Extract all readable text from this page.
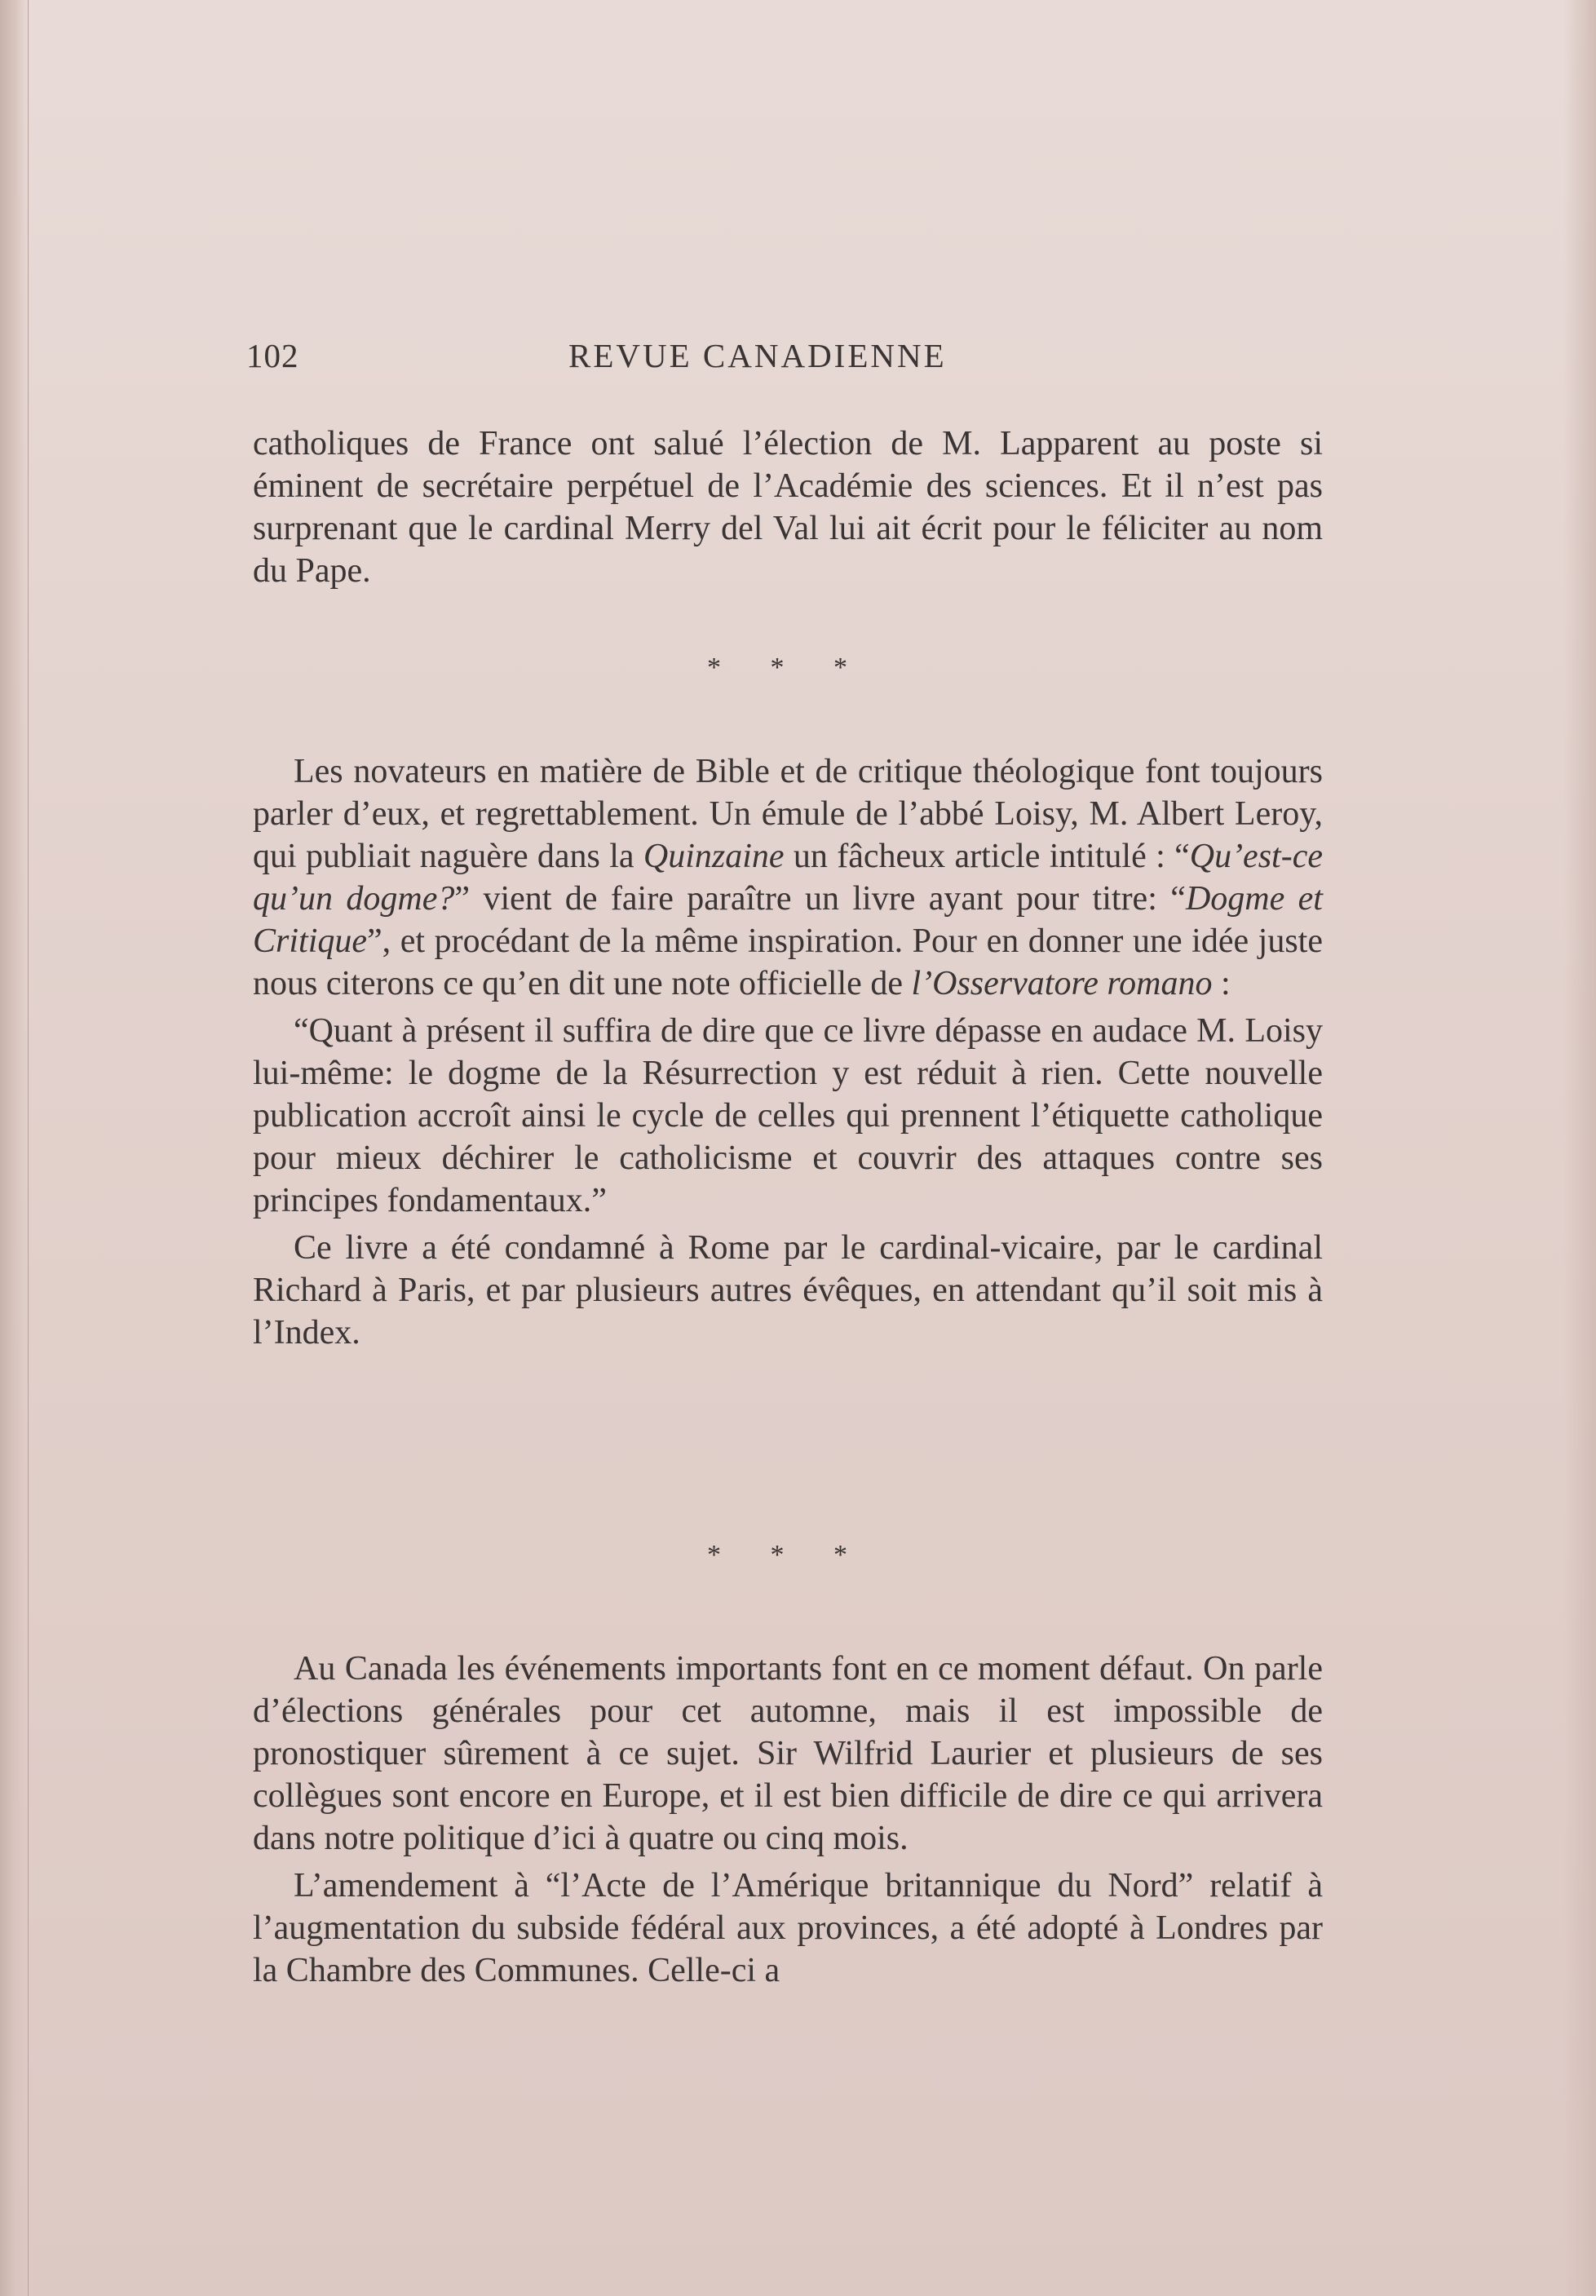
102	REVUE CANADIENNE

catholiques de France ont salué l’élection de M. Lapparent au poste si éminent de secrétaire perpétuel de l’Académie des sciences. Et il n’est pas surprenant que le cardinal Merry del Val lui ait écrit pour le féliciter au nom du Pape.

* * *

Les novateurs en matière de Bible et de critique théologique font toujours parler d’eux, et regrettablement. Un émule de l’abbé Loisy, M. Albert Leroy, qui publiait naguère dans la Quinzaine un fâcheux article intitulé : “Qu’est-ce qu’un dogme?” vient de faire paraître un livre ayant pour titre: “Dogme et Critique”, et procédant de la même inspiration. Pour en donner une idée juste nous citerons ce qu’en dit une note officielle de l’Osservatore romano :

“Quant à présent il suffira de dire que ce livre dépasse en audace M. Loisy lui-même: le dogme de la Résurrection y est réduit à rien. Cette nouvelle publication accroît ainsi le cycle de celles qui prennent l’étiquette catholique pour mieux déchirer le catholicisme et couvrir des attaques contre ses principes fondamentaux.”

Ce livre a été condamné à Rome par le cardinal-vicaire, par le cardinal Richard à Paris, et par plusieurs autres évêques, en attendant qu’il soit mis à l’Index.

* * *

Au Canada les événements importants font en ce moment défaut. On parle d’élections générales pour cet automne, mais il est impossible de pronostiquer sûrement à ce sujet. Sir Wilfrid Laurier et plusieurs de ses collègues sont encore en Europe, et il est bien difficile de dire ce qui arrivera dans notre politique d’ici à quatre ou cinq mois.

L’amendement à “l’Acte de l’Amérique britannique du Nord” relatif à l’augmentation du subside fédéral aux provinces, a été adopté à Londres par la Chambre des Communes. Celle-ci a
